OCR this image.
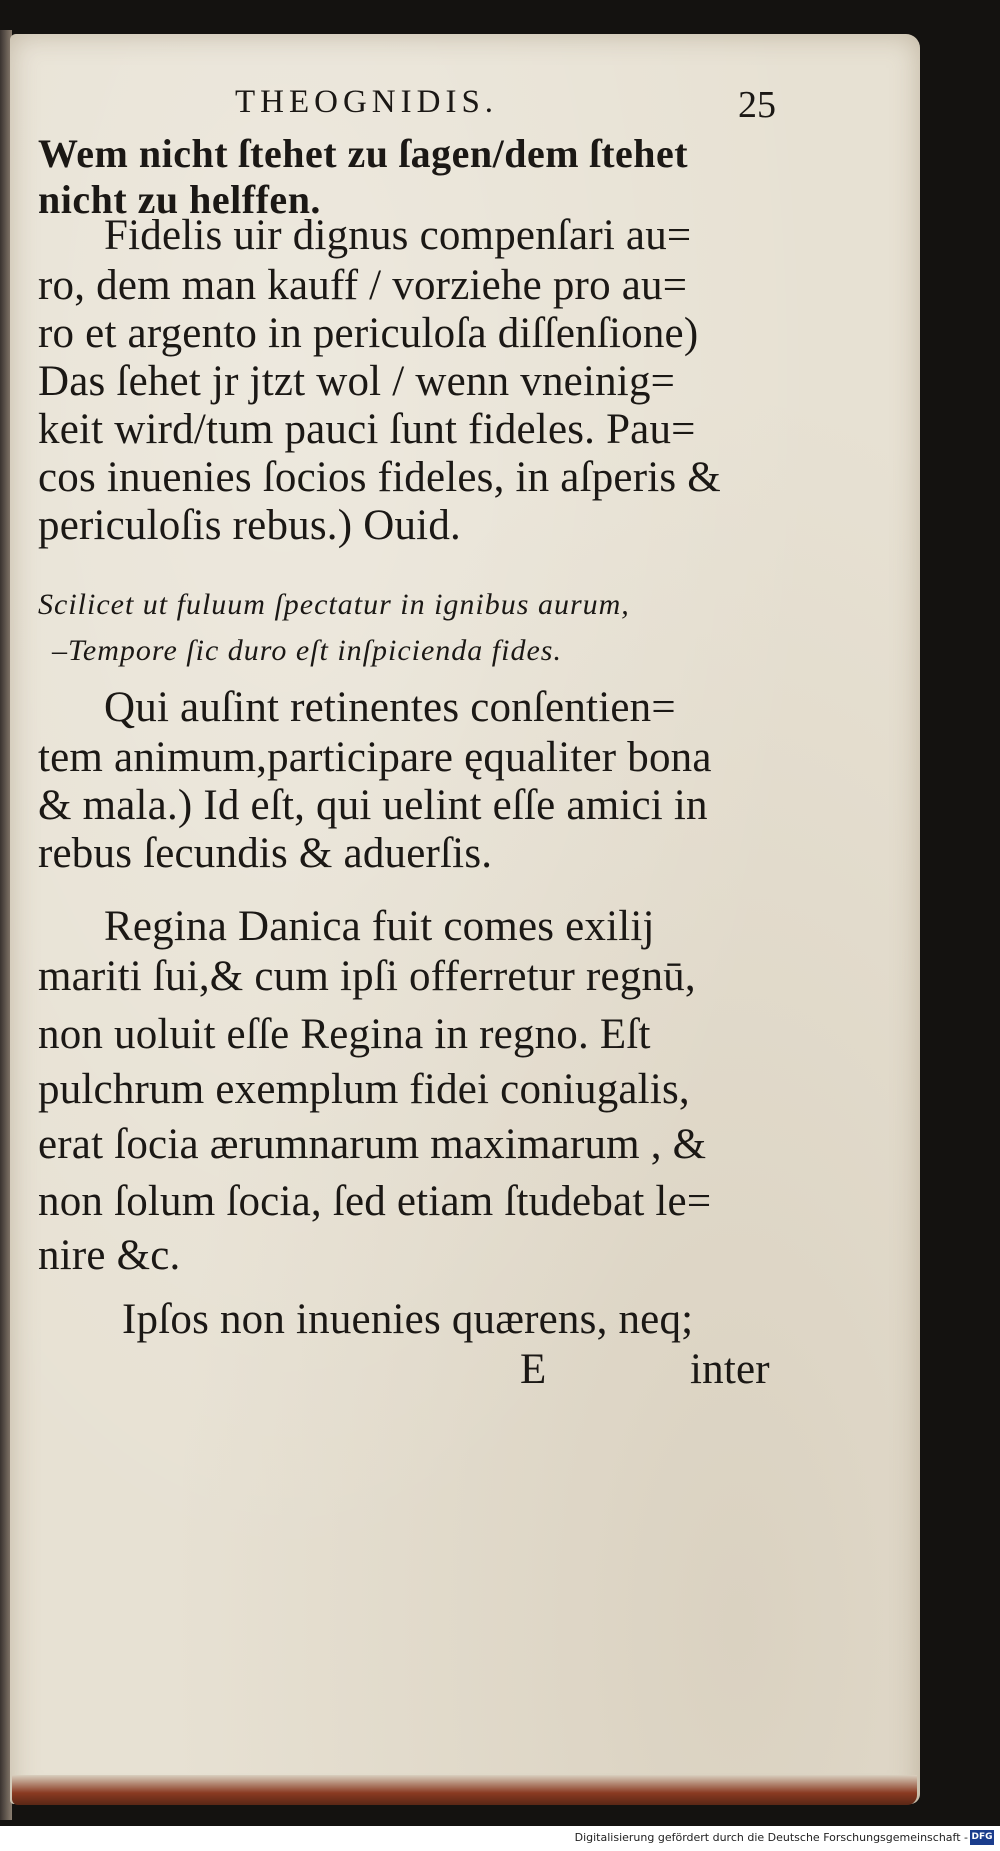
THEOGNIDIS.	25
Wem nicht ſtehet zu ſagen/dem ſtehet
nicht zu helffen.
Fidelis uir dignus compenſari au=
ro, dem man kauff / vorziehe pro au=
ro et argento in periculoſa diſſenſione)
Das ſehet jr jtzt wol / wenn vneinig=
keit wird/tum pauci ſunt fideles. Pau=
cos inuenies ſocios fideles, in aſperis &
periculoſis rebus.) Ouid.
Scilicet ut fuluum ſpectatur in ignibus aurum,
–Tempore ſic duro eſt inſpicienda fides.
Qui auſint retinentes conſentien=
tem animum,participare ęqualiter bona
& mala.) Id eſt, qui uelint eſſe amici in
rebus ſecundis & aduerſis.
Regina Danica fuit comes exilij
mariti ſui,& cum ipſi offerretur regnū,
non uoluit eſſe Regina in regno. Eſt
pulchrum exemplum fidei coniugalis,
erat ſocia ærumnarum maximarum , &
non ſolum ſocia, ſed etiam ſtudebat le=
nire &c.
Ipſos non inuenies quærens, neq;
E	inter
Digitalisierung gefördert durch die Deutsche Forschungsgemeinschaft - DFG
